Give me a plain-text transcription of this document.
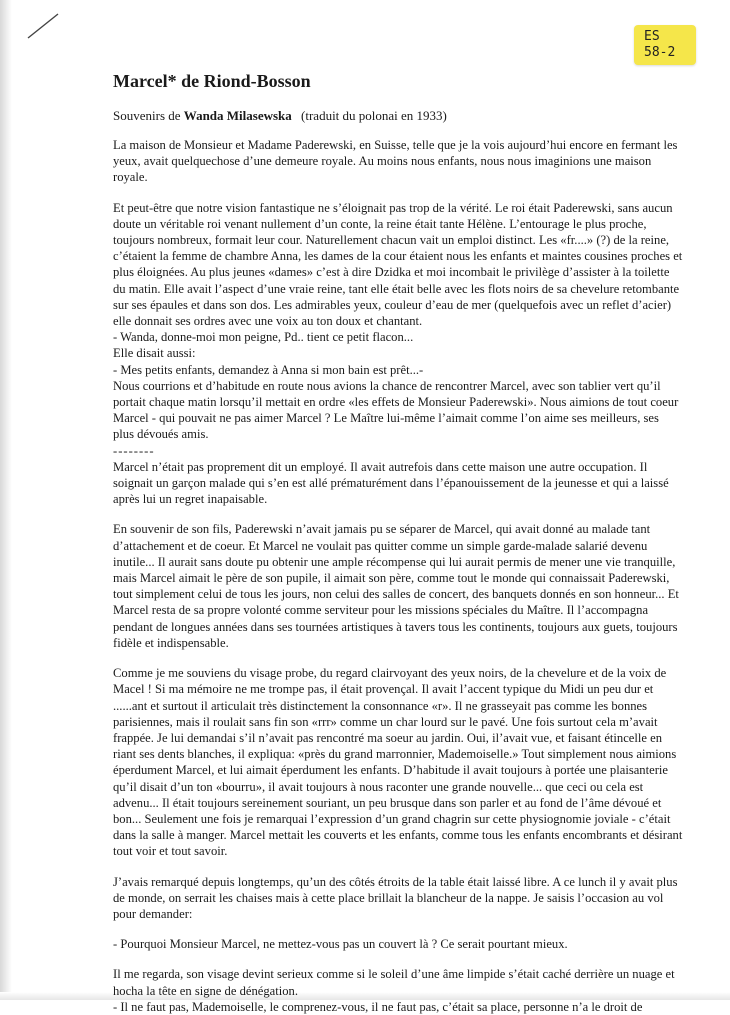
ES
58-2
Marcel* de Riond-Bosson
Souvenirs de Wanda Milasewska (traduit du polonai en 1933)

La maison de Monsieur et Madame Paderewski, en Suisse, telle que je la vois aujourd’hui encore en fermant les yeux, avait quelquechose d’une demeure royale. Au moins nous enfants, nous nous imaginions une maison royale.

Et peut-être que notre vision fantastique ne s’éloignait pas trop de la vérité. Le roi était Paderewski, sans aucun doute un véritable roi venant nullement d’un conte, la reine était tante Hélène. L’entourage le plus proche, toujours nombreux, formait leur cour. Naturellement chacun vait un emploi distinct. Les «fr....» (?) de la reine, c’étaient la femme de chambre Anna, les dames de la cour étaient nous les enfants et maintes cousines proches et plus éloignées. Au plus jeunes «dames» c’est à dire Dzidka et moi incombait le privilège d’assister à la toilette du matin. Elle avait l’aspect d’une vraie reine, tant elle était belle avec les flots noirs de sa chevelure retombante sur ses épaules et dans son dos. Les admirables yeux, couleur d’eau de mer (quelquefois avec un reflet d’acier) elle donnait ses ordres avec une voix au ton doux et chantant.

- Wanda, donne-moi mon peigne, Pd.. tient ce petit flacon...

Elle disait aussi:

- Mes petits enfants, demandez à Anna si mon bain est prêt...-

Nous courrions et d’habitude en route nous avions la chance de rencontrer Marcel, avec son tablier vert qu’il portait chaque matin lorsqu’il mettait en ordre «les effets de Monsieur Paderewski». Nous aimions de tout coeur Marcel - qui pouvait ne pas aimer Marcel ? Le Maître lui-même l’aimait comme l’on aime ses meilleurs, ses plus dévoués amis.

--------

Marcel n’était pas proprement dit un employé. Il avait autrefois dans cette maison une autre occupation. Il soignait un garçon malade qui s’en est allé prématurément dans l’épanouissement de la jeunesse et qui a laissé après lui un regret inapaisable.

En souvenir de son fils, Paderewski n’avait jamais pu se séparer de Marcel, qui avait donné au malade tant d’attachement et de coeur. Et Marcel ne voulait pas quitter comme un simple garde-malade salarié devenu inutile... Il aurait sans doute pu obtenir une ample récompense qui lui aurait permis de mener une vie tranquille, mais Marcel aimait le père de son pupile, il aimait son père, comme tout le monde qui connaissait Paderewski, tout simplement celui de tous les jours, non celui des salles de concert, des banquets donnés en son honneur... Et Marcel resta de sa propre volonté comme serviteur pour les missions spéciales du Maître. Il l’accompagna pendant de longues années dans ses tournées artistiques à tavers tous les continents, toujours aux guets, toujours fidèle et indispensable.

Comme je me souviens du visage probe, du regard clairvoyant des yeux noirs, de la chevelure et de la voix de Macel ! Si ma mémoire ne me trompe pas, il était provençal. Il avait l’accent typique du Midi un peu dur et ......ant et surtout il articulait très distinctement la consonnance «r». Il ne grasseyait pas comme les bonnes parisiennes, mais il roulait sans fin son «rrr» comme un char lourd sur le pavé. Une fois surtout cela m’avait frappée. Je lui demandai s’il n’avait pas rencontré ma soeur au jardin. Oui, il’avait vue, et faisant étincelle en riant ses dents blanches, il expliqua: «près du grand marronnier, Mademoiselle.» Tout simplement nous aimions éperdument Marcel, et lui aimait éperdument les enfants. D’habitude il avait toujours à portée une plaisanterie qu’il disait d’un ton «bourru», il avait toujours à nous raconter une grande nouvelle... que ceci ou cela est advenu... Il était toujours sereinement souriant, un peu brusque dans son parler et au fond de l’âme dévoué et bon... Seulement une fois je remarquai l’expression d’un grand chagrin sur cette physiognomie joviale - c’était dans la salle à manger. Marcel mettait les couverts et les enfants, comme tous les enfants encombrants et désirant tout voir et tout savoir.

J’avais remarqué depuis longtemps, qu’un des côtés étroits de la table était laissé libre. A ce lunch il y avait plus de monde, on serrait les chaises mais à cette place brillait la blancheur de la nappe. Je saisis l’occasion au vol pour demander:

- Pourquoi Monsieur Marcel, ne mettez-vous pas un couvert là ? Ce serait pourtant mieux.

Il me regarda, son visage devint serieux comme si le soleil d’une âme limpide s’était caché derrière un nuage et hocha la tête en signe de dénégation.

- Il ne faut pas, Mademoiselle, le comprenez-vous, il ne faut pas, c’était sa place, personne n’a le droit de
